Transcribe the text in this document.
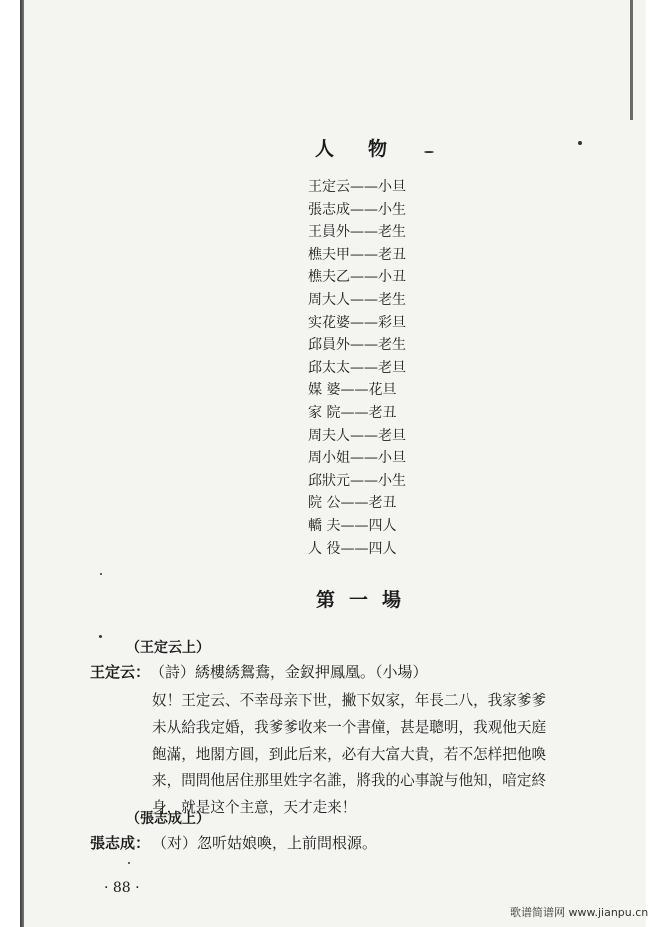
人物
王定云——小旦
張志成——小生
王員外——老生
樵夫甲——老丑
樵夫乙——小丑
周大人——老生
实花婆——彩旦
邱員外——老生
邱太太——老旦
媒 婆——花旦
家 院——老丑
周夫人——老旦
周小姐——小旦
邱狀元——小生
院 公——老丑
轎 夫——四人
人 役——四人
第一場
（王定云上）
王定云： （詩）綉樓綉鴛鴦，金釵押鳳凰。（小場）

奴！王定云、不幸母亲下世，撇下奴家，年長二八，我家爹爹

未从給我定婚，我爹爹收来一个書僮，甚是聰明，我观他天庭

飽滿，地閣方圓，到此后来，必有大富大貴，若不怎样把他喚

来，問問他居住那里姓字名誰，將我的心事說与他知，喑定終

身，就是这个主意，天才走来！

（張志成上）
張志成： （对）忽听姑娘喚，上前問根源。
· 88 ·
歌谱简谱网 www.jianpu.cn
